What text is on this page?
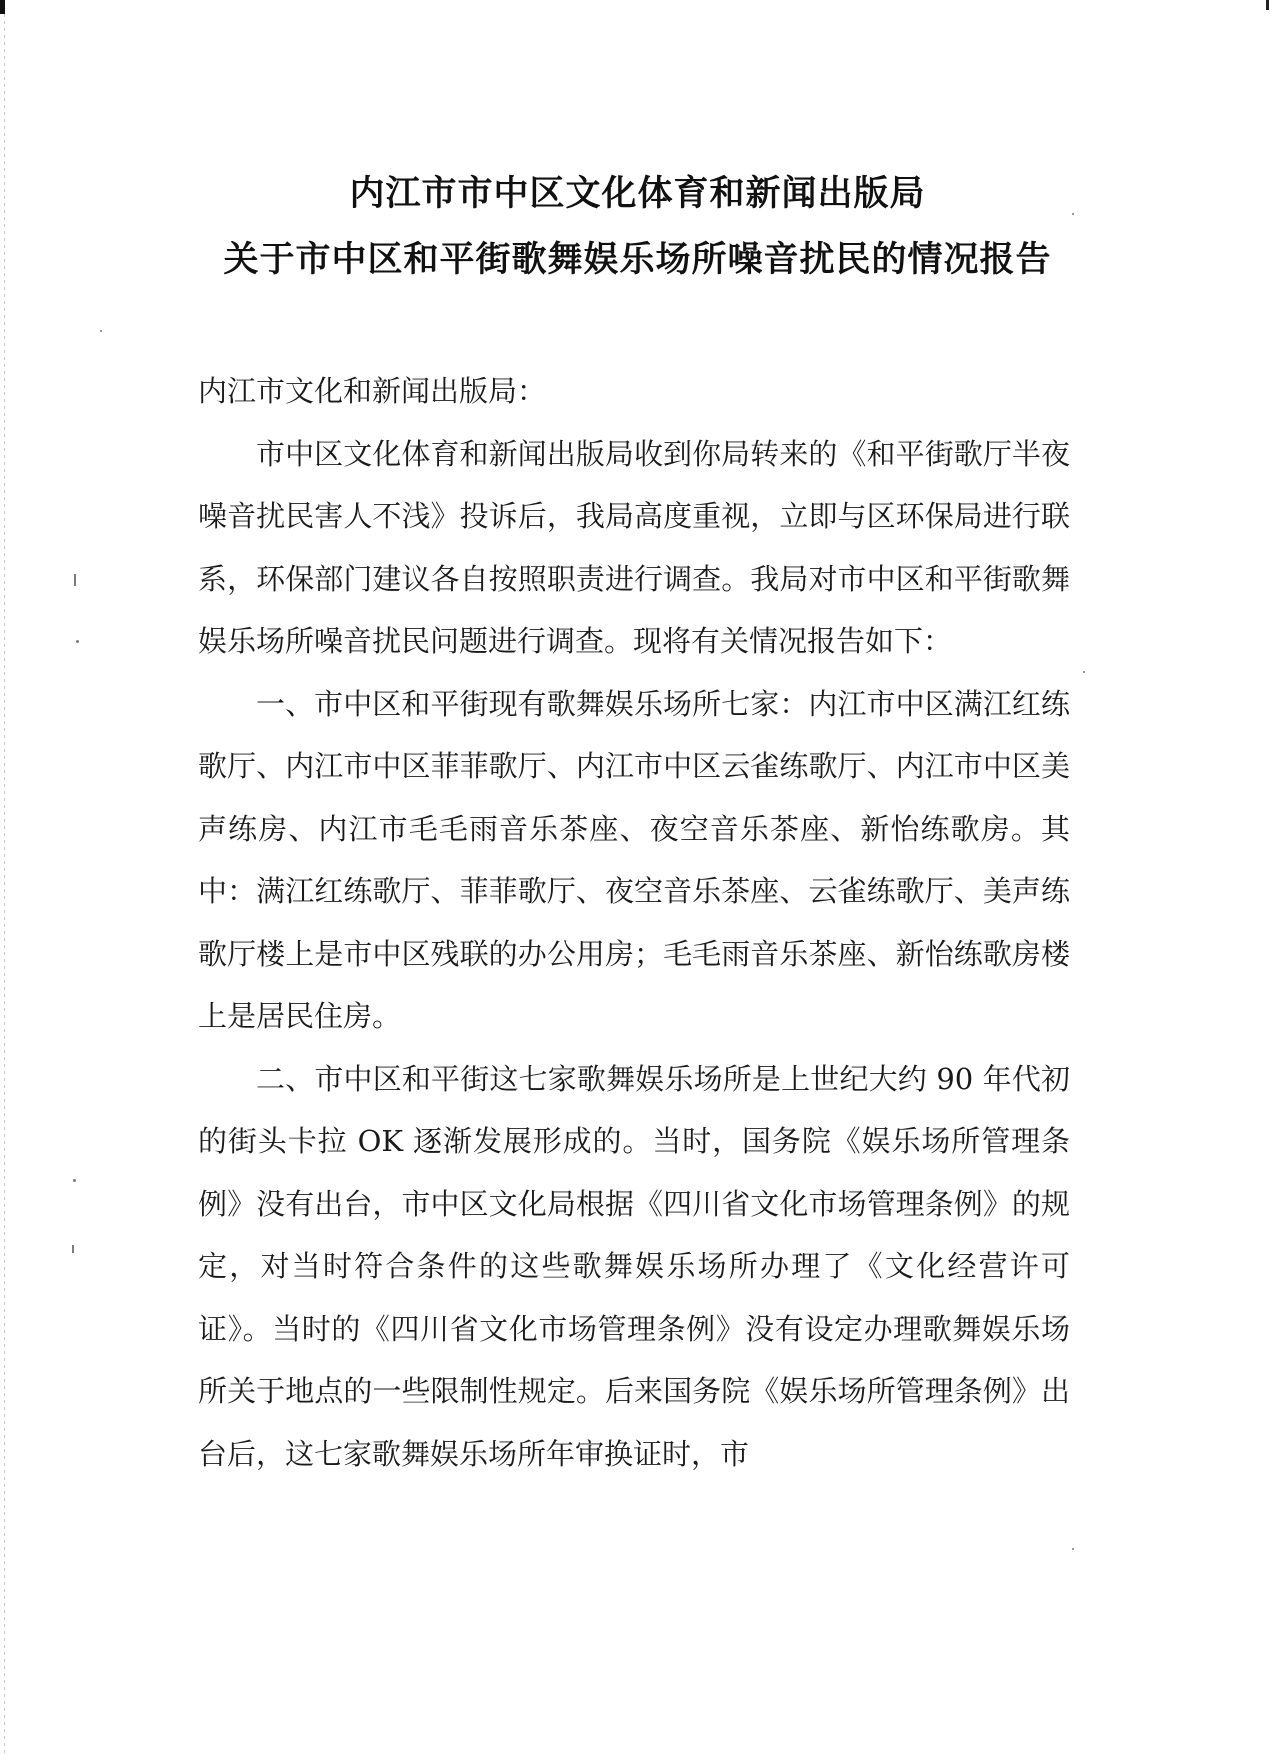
内江市市中区文化体育和新闻出版局
关于市中区和平街歌舞娱乐场所噪音扰民的情况报告

内江市文化和新闻出版局：

市中区文化体育和新闻出版局收到你局转来的《和平街歌厅半夜噪音扰民害人不浅》投诉后，我局高度重视，立即与区环保局进行联系，环保部门建议各自按照职责进行调查。我局对市中区和平街歌舞娱乐场所噪音扰民问题进行调查。现将有关情况报告如下：

一、市中区和平街现有歌舞娱乐场所七家：内江市中区满江红练歌厅、内江市中区菲菲歌厅、内江市中区云雀练歌厅、内江市中区美声练房、内江市毛毛雨音乐茶座、夜空音乐茶座、新怡练歌房。其中：满江红练歌厅、菲菲歌厅、夜空音乐茶座、云雀练歌厅、美声练歌厅楼上是市中区残联的办公用房；毛毛雨音乐茶座、新怡练歌房楼上是居民住房。

二、市中区和平街这七家歌舞娱乐场所是上世纪大约 90 年代初的街头卡拉 OK 逐渐发展形成的。当时，国务院《娱乐场所管理条例》没有出台，市中区文化局根据《四川省文化市场管理条例》的规定，对当时符合条件的这些歌舞娱乐场所办理了《文化经营许可证》。当时的《四川省文化市场管理条例》没有设定办理歌舞娱乐场所关于地点的一些限制性规定。后来国务院《娱乐场所管理条例》出台后，这七家歌舞娱乐场所年审换证时，市
